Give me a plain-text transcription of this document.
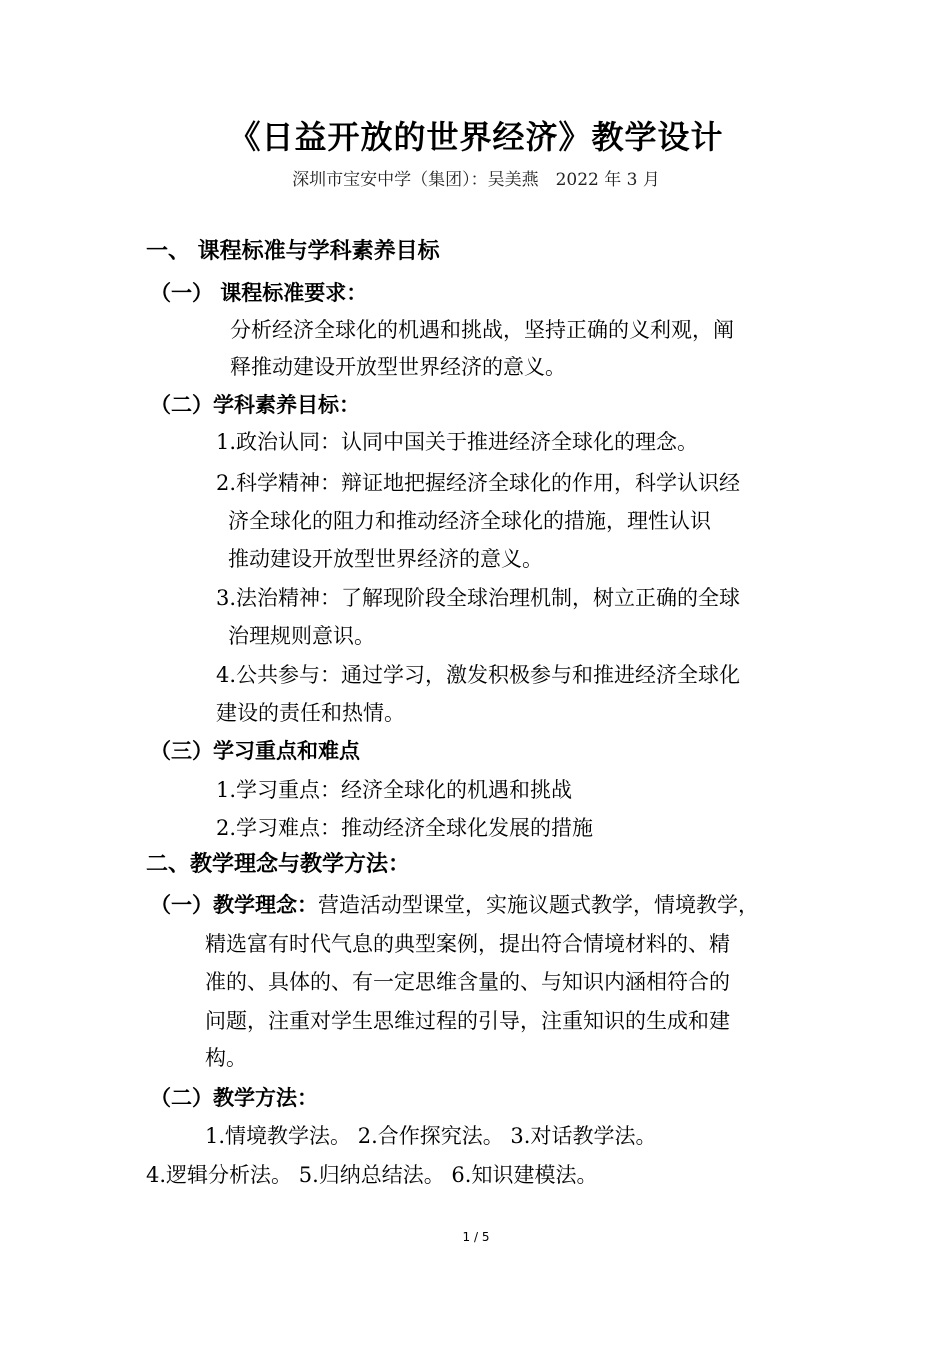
《日益开放的世界经济》教学设计
深圳市宝安中学（集团）：吴美燕　2022 年 3 月
一、 课程标准与学科素养目标
（一） 课程标准要求：
分析经济全球化的机遇和挑战，坚持正确的义利观，阐
释推动建设开放型世界经济的意义。
（二）学科素养目标：
1.政治认同：认同中国关于推进经济全球化的理念。
2.科学精神：辩证地把握经济全球化的作用，科学认识经
济全球化的阻力和推动经济全球化的措施，理性认识
推动建设开放型世界经济的意义。
3.法治精神：了解现阶段全球治理机制，树立正确的全球
治理规则意识。
4.公共参与：通过学习，激发积极参与和推进经济全球化
建设的责任和热情。
（三）学习重点和难点
1.学习重点：经济全球化的机遇和挑战
2.学习难点：推动经济全球化发展的措施
二、教学理念与教学方法：
（一）教学理念：营造活动型课堂，实施议题式教学，情境教学，
精选富有时代气息的典型案例，提出符合情境材料的、精
准的、具体的、有一定思维含量的、与知识内涵相符合的
问题，注重对学生思维过程的引导，注重知识的生成和建
构。
（二）教学方法：
1.情境教学法。 2.合作探究法。 3.对话教学法。
4.逻辑分析法。 5.归纳总结法。 6.知识建模法。
1 / 5
